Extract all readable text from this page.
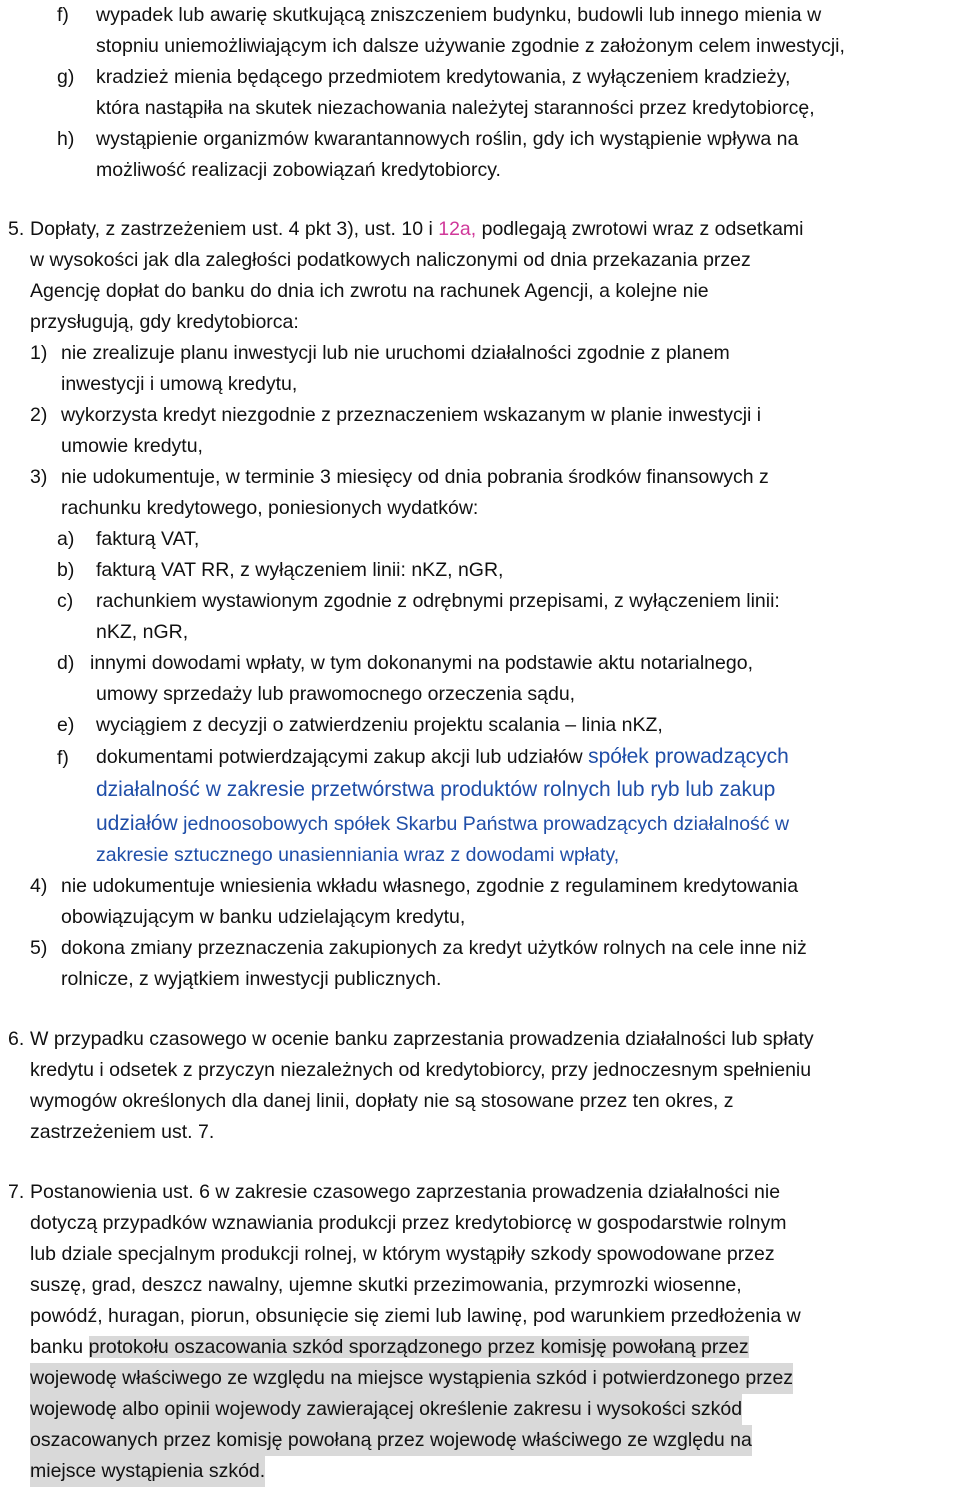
f) wypadek lub awarię skutkującą zniszczeniem budynku, budowli lub innego mienia w
stopniu uniemożliwiającym ich dalsze używanie zgodnie z założonym celem inwestycji,
g) kradzież mienia będącego przedmiotem kredytowania, z wyłączeniem kradzieży,
która nastąpiła na skutek niezachowania należytej staranności przez kredytobiorcę,
h) wystąpienie organizmów kwarantannowych roślin, gdy ich wystąpienie wpływa na
możliwość realizacji zobowiązań kredytobiorcy.
5. Dopłaty, z zastrzeżeniem ust. 4 pkt 3), ust. 10 i 12a, podlegają zwrotowi wraz z odsetkami
w wysokości jak dla zaległości podatkowych naliczonymi od dnia przekazania przez
Agencję dopłat do banku do dnia ich zwrotu na rachunek Agencji, a kolejne nie
przysługują, gdy kredytobiorca:
1) nie zrealizuje planu inwestycji lub nie uruchomi działalności zgodnie z planem
inwestycji i umową kredytu,
2) wykorzysta kredyt niezgodnie z przeznaczeniem wskazanym w planie inwestycji i
umowie kredytu,
3) nie udokumentuje, w terminie 3 miesięcy od dnia pobrania środków finansowych z
rachunku kredytowego, poniesionych wydatków:
a) fakturą VAT,
b) fakturą VAT RR, z wyłączeniem linii: nKZ, nGR,
c) rachunkiem wystawionym zgodnie z odrębnymi przepisami, z wyłączeniem linii:
nKZ, nGR,
d) innymi dowodami wpłaty, w tym dokonanymi na podstawie aktu notarialnego,
umowy sprzedaży lub prawomocnego orzeczenia sądu,
e) wyciągiem z decyzji o zatwierdzeniu projektu scalania – linia nKZ,
f) dokumentami potwierdzającymi zakup akcji lub udziałów spółek prowadzących
działalność w zakresie przetwórstwa produktów rolnych lub ryb lub zakup
udziałów jednoosobowych spółek Skarbu Państwa prowadzących działalność w
zakresie sztucznego unasienniania wraz z dowodami wpłaty,
4) nie udokumentuje wniesienia wkładu własnego, zgodnie z regulaminem kredytowania
obowiązującym w banku udzielającym kredytu,
5) dokona zmiany przeznaczenia zakupionych za kredyt użytków rolnych na cele inne niż
rolnicze, z wyjątkiem inwestycji publicznych.
6. W przypadku czasowego w ocenie banku zaprzestania prowadzenia działalności lub spłaty
kredytu i odsetek z przyczyn niezależnych od kredytobiorcy, przy jednoczesnym spełnieniu
wymogów określonych dla danej linii, dopłaty nie są stosowane przez ten okres, z
zastrzeżeniem ust. 7.
7. Postanowienia ust. 6 w zakresie czasowego zaprzestania prowadzenia działalności nie
dotyczą przypadków wznawiania produkcji przez kredytobiorcę w gospodarstwie rolnym
lub dziale specjalnym produkcji rolnej, w którym wystąpiły szkody spowodowane przez
suszę, grad, deszcz nawalny, ujemne skutki przezimowania, przymrozki wiosenne,
powódź, huragan, piorun, obsunięcie się ziemi lub lawinę, pod warunkiem przedłożenia w
banku protokołu oszacowania szkód sporządzonego przez komisję powołaną przez
wojewodę właściwego ze względu na miejsce wystąpienia szkód i potwierdzonego przez
wojewodę albo opinii wojewody zawierającej określenie zakresu i wysokości szkód
oszacowanych przez komisję powołaną przez wojewodę właściwego ze względu na
miejsce wystąpienia szkód.
